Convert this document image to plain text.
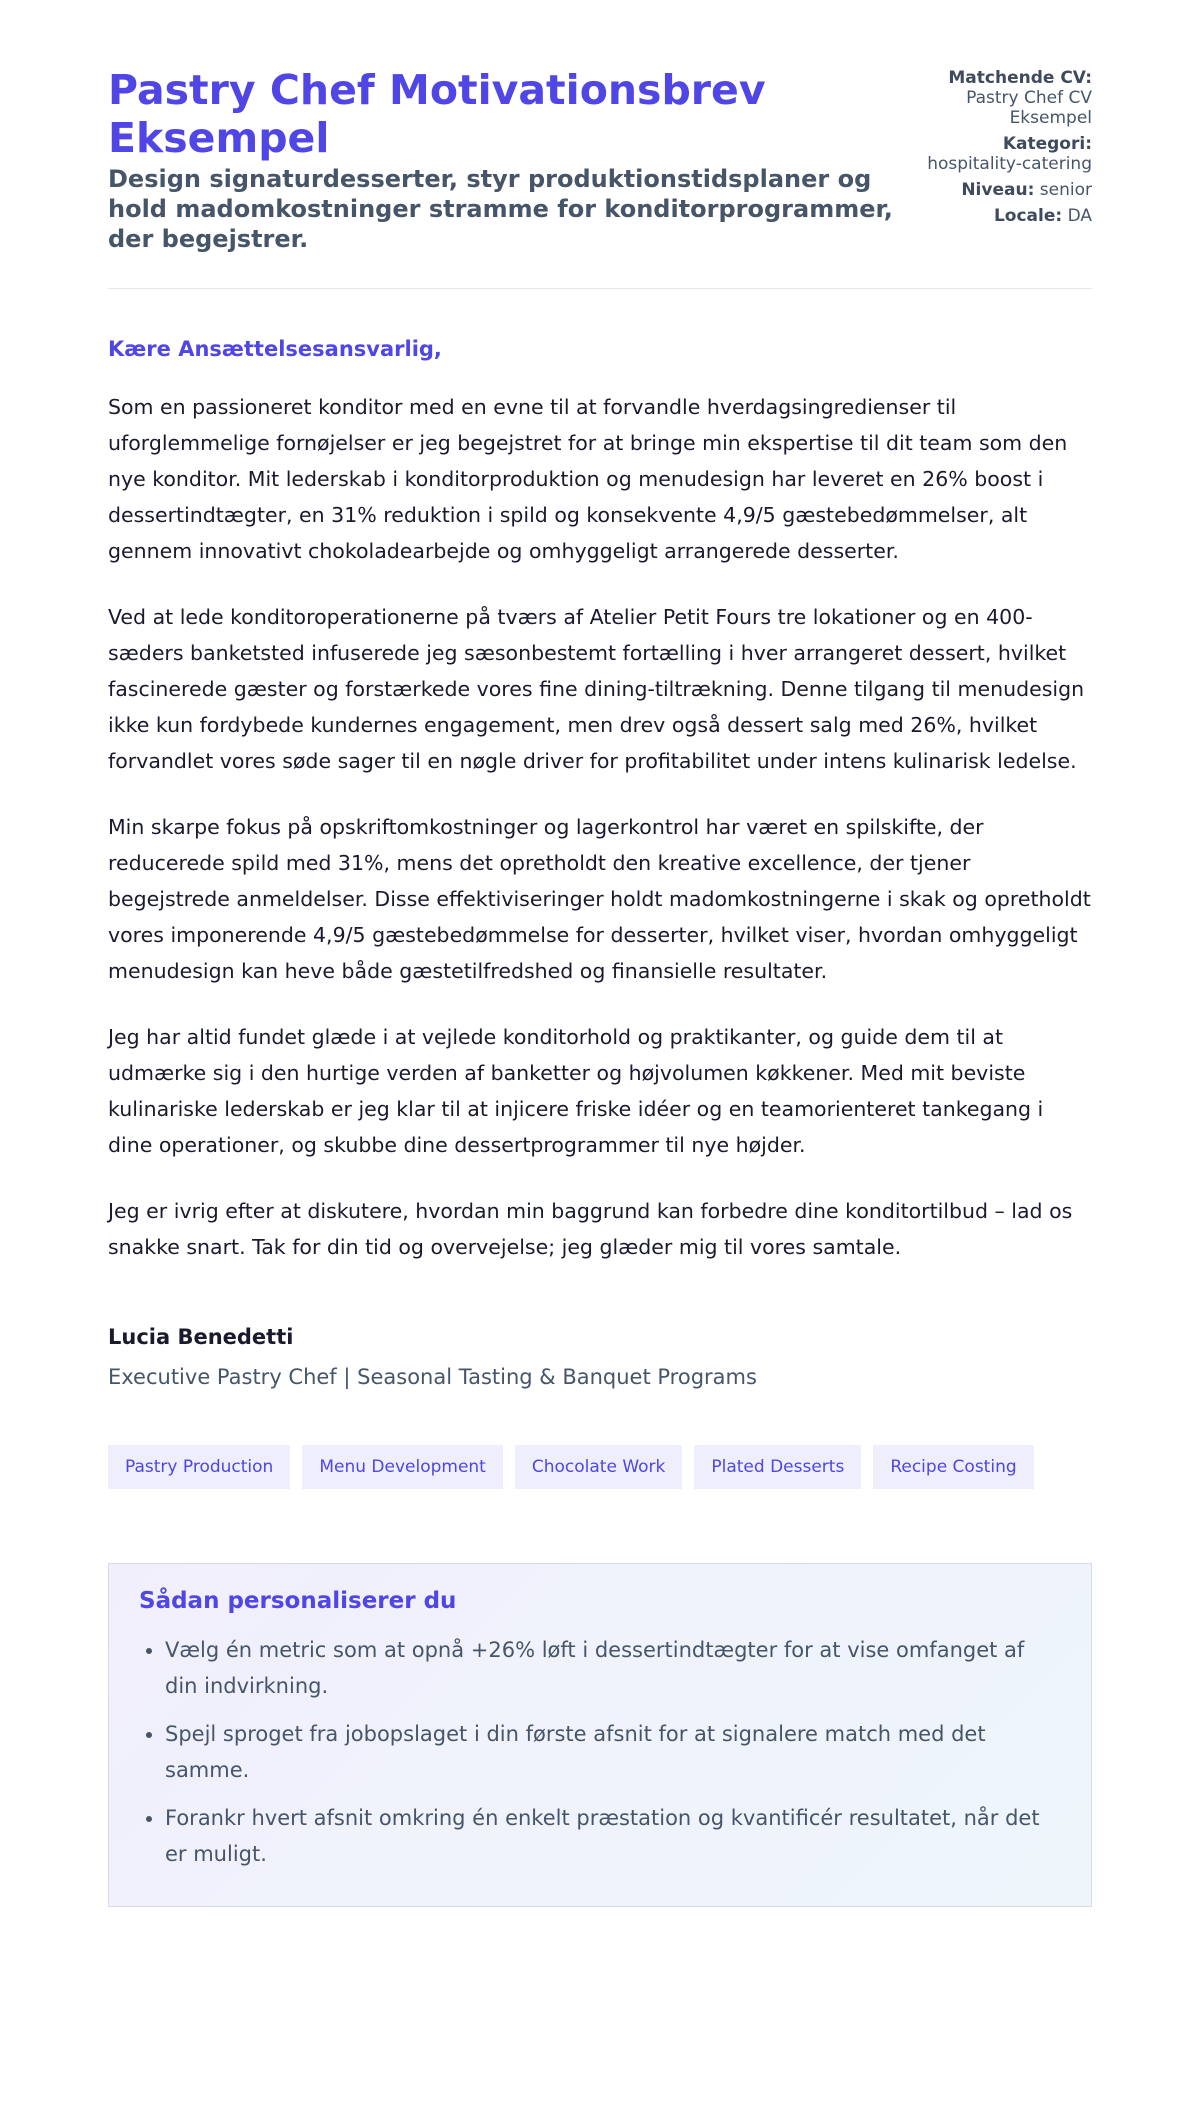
Pastry Chef Motivationsbrev Eksempel
Design signaturdesserter, styr produktionstidsplaner og hold madomkostninger stramme for konditorprogrammer, der begejstrer.
Matchende CV:
Pastry Chef CV Eksempel
Kategori:
hospitality-catering
Niveau: senior
Locale: DA

Kære Ansættelsesansvarlig,

Som en passioneret konditor med en evne til at forvandle hverdagsingredienser til uforglemmelige fornøjelser er jeg begejstret for at bringe min ekspertise til dit team som den nye konditor. Mit lederskab i konditorproduktion og menudesign har leveret en 26% boost i dessertindtægter, en 31% reduktion i spild og konsekvente 4,9/5 gæstebedømmelser, alt gennem innovativt chokoladearbejde og omhyggeligt arrangerede desserter.

Ved at lede konditoroperationerne på tværs af Atelier Petit Fours tre lokationer og en 400-sæders banketsted infuserede jeg sæsonbestemt fortælling i hver arrangeret dessert, hvilket fascinerede gæster og forstærkede vores fine dining-tiltrækning. Denne tilgang til menudesign ikke kun fordybede kundernes engagement, men drev også dessert salg med 26%, hvilket forvandlet vores søde sager til en nøgle driver for profitabilitet under intens kulinarisk ledelse.

Min skarpe fokus på opskriftomkostninger og lagerkontrol har været en spilskifte, der reducerede spild med 31%, mens det opretholdt den kreative excellence, der tjener begejstrede anmeldelser. Disse effektiviseringer holdt madomkostningerne i skak og opretholdt vores imponerende 4,9/5 gæstebedømmelse for desserter, hvilket viser, hvordan omhyggeligt menudesign kan heve både gæstetilfredshed og finansielle resultater.

Jeg har altid fundet glæde i at vejlede konditorhold og praktikanter, og guide dem til at udmærke sig i den hurtige verden af banketter og højvolumen køkkener. Med mit beviste kulinariske lederskab er jeg klar til at injicere friske idéer og en teamorienteret tankegang i dine operationer, og skubbe dine dessertprogrammer til nye højder.

Jeg er ivrig efter at diskutere, hvordan min baggrund kan forbedre dine konditortilbud – lad os snakke snart. Tak for din tid og overvejelse; jeg glæder mig til vores samtale.

Lucia Benedetti

Executive Pastry Chef | Seasonal Tasting & Banquet Programs

Pastry Production	Menu Development	Chocolate Work	Plated Desserts	Recipe Costing
Sådan personaliserer du
• Vælg én metric som at opnå +26% løft i dessertindtægter for at vise omfanget af din indvirkning.
• Spejl sproget fra jobopslaget i din første afsnit for at signalere match med det samme.
• Forankr hvert afsnit omkring én enkelt præstation og kvantificér resultatet, når det er muligt.
